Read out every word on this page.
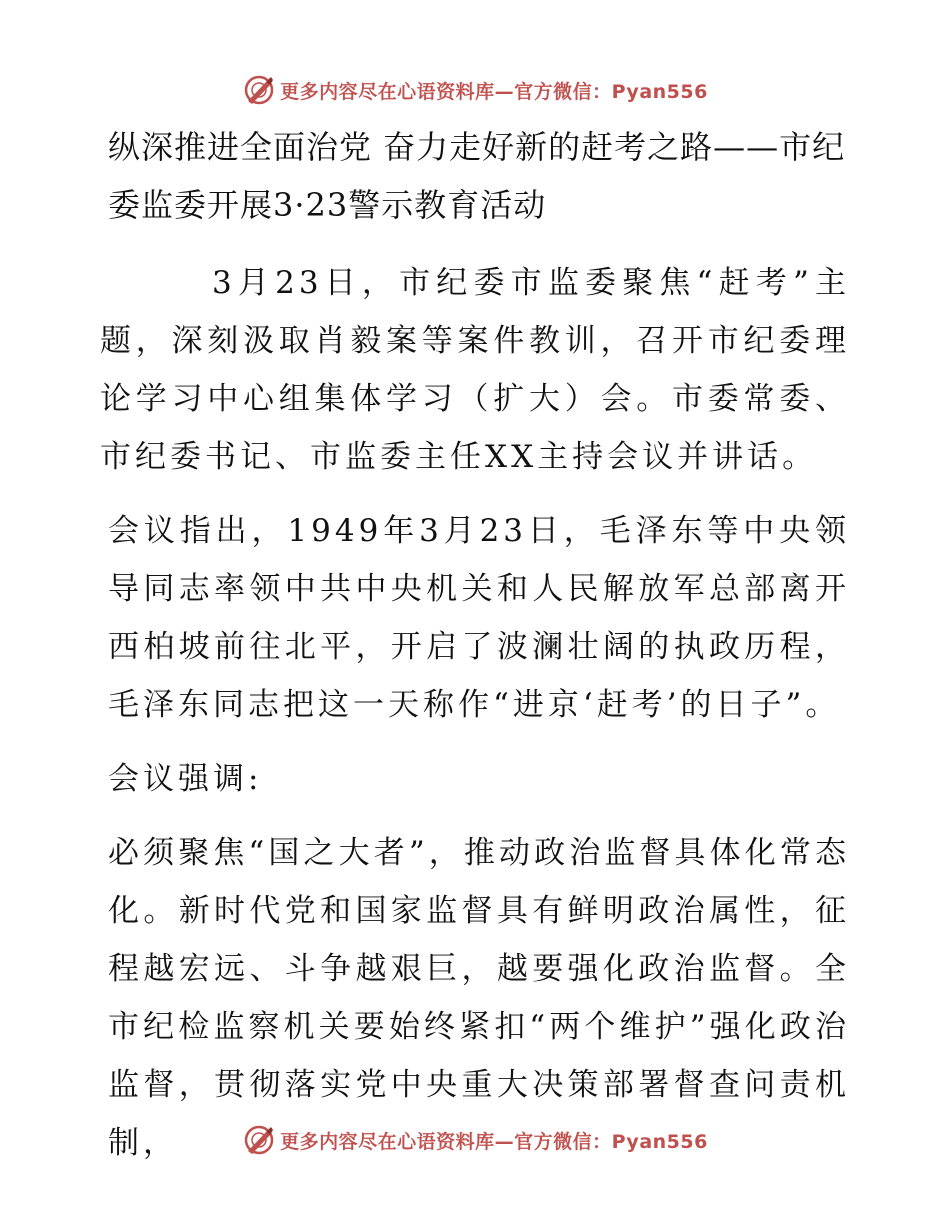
更多内容尽在心语资料库—官方微信：Pyan556
纵深推进全面治党 奋力走好新的赶考之路——市纪委监委开展3·23警示教育活动

3月23日，市纪委市监委聚焦“赶考”主题，深刻汲取肖毅案等案件教训，召开市纪委理论学习中心组集体学习（扩大）会。市委常委、市纪委书记、市监委主任XX主持会议并讲话。

会议指出，1949年3月23日，毛泽东等中央领导同志率领中共中央机关和人民解放军总部离开西柏坡前往北平，开启了波澜壮阔的执政历程，毛泽东同志把这一天称作“进京‘赶考’的日子”。

会议强调:

必须聚焦“国之大者”，推动政治监督具体化常态化。新时代党和国家监督具有鲜明政治属性，征程越宏远、斗争越艰巨，越要强化政治监督。全市纪检监察机关要始终紧扣“两个维护”强化政治监督，贯彻落实党中央重大决策部署督查问责机制，	更多内容尽在心语资料库—官方微信：Pyan556
